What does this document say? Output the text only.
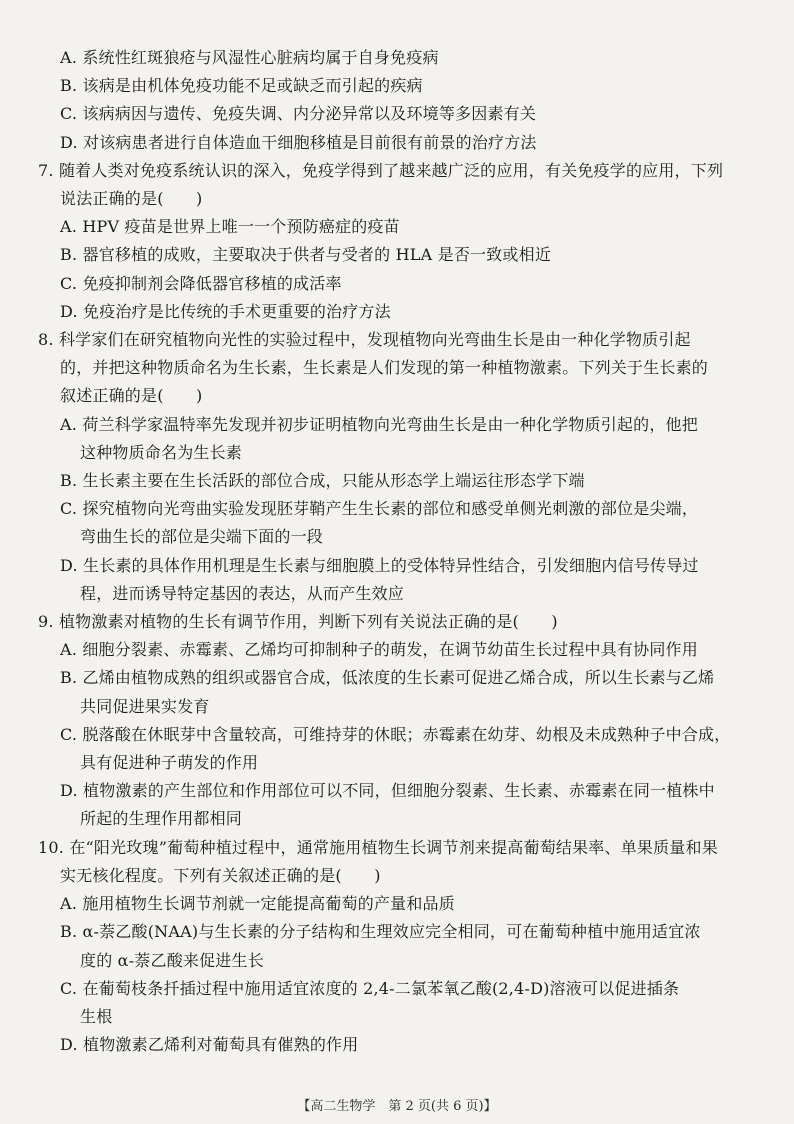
A. 系统性红斑狼疮与风湿性心脏病均属于自身免疫病
B. 该病是由机体免疫功能不足或缺乏而引起的疾病
C. 该病病因与遗传、免疫失调、内分泌异常以及环境等多因素有关
D. 对该病患者进行自体造血干细胞移植是目前很有前景的治疗方法
7. 随着人类对免疫系统认识的深入，免疫学得到了越来越广泛的应用，有关免疫学的应用，下列
说法正确的是(　　)
A. HPV 疫苗是世界上唯一一个预防癌症的疫苗
B. 器官移植的成败，主要取决于供者与受者的 HLA 是否一致或相近
C. 免疫抑制剂会降低器官移植的成活率
D. 免疫治疗是比传统的手术更重要的治疗方法
8. 科学家们在研究植物向光性的实验过程中，发现植物向光弯曲生长是由一种化学物质引起
的，并把这种物质命名为生长素，生长素是人们发现的第一种植物激素。下列关于生长素的
叙述正确的是(　　)
A. 荷兰科学家温特率先发现并初步证明植物向光弯曲生长是由一种化学物质引起的，他把
这种物质命名为生长素
B. 生长素主要在生长活跃的部位合成，只能从形态学上端运往形态学下端
C. 探究植物向光弯曲实验发现胚芽鞘产生生长素的部位和感受单侧光刺激的部位是尖端，
弯曲生长的部位是尖端下面的一段
D. 生长素的具体作用机理是生长素与细胞膜上的受体特异性结合，引发细胞内信号传导过
程，进而诱导特定基因的表达，从而产生效应
9. 植物激素对植物的生长有调节作用，判断下列有关说法正确的是(　　)
A. 细胞分裂素、赤霉素、乙烯均可抑制种子的萌发，在调节幼苗生长过程中具有协同作用
B. 乙烯由植物成熟的组织或器官合成，低浓度的生长素可促进乙烯合成，所以生长素与乙烯
共同促进果实发育
C. 脱落酸在休眠芽中含量较高，可维持芽的休眠；赤霉素在幼芽、幼根及未成熟种子中合成，
具有促进种子萌发的作用
D. 植物激素的产生部位和作用部位可以不同，但细胞分裂素、生长素、赤霉素在同一植株中
所起的生理作用都相同
10. 在“阳光玫瑰”葡萄种植过程中，通常施用植物生长调节剂来提高葡萄结果率、单果质量和果
实无核化程度。下列有关叙述正确的是(　　)
A. 施用植物生长调节剂就一定能提高葡萄的产量和品质
B. α-萘乙酸(NAA)与生长素的分子结构和生理效应完全相同，可在葡萄种植中施用适宜浓
度的 α-萘乙酸来促进生长
C. 在葡萄枝条扦插过程中施用适宜浓度的 2,4-二氯苯氧乙酸(2,4-D)溶液可以促进插条
生根
D. 植物激素乙烯利对葡萄具有催熟的作用
【高二生物学　第 2 页(共 6 页)】
